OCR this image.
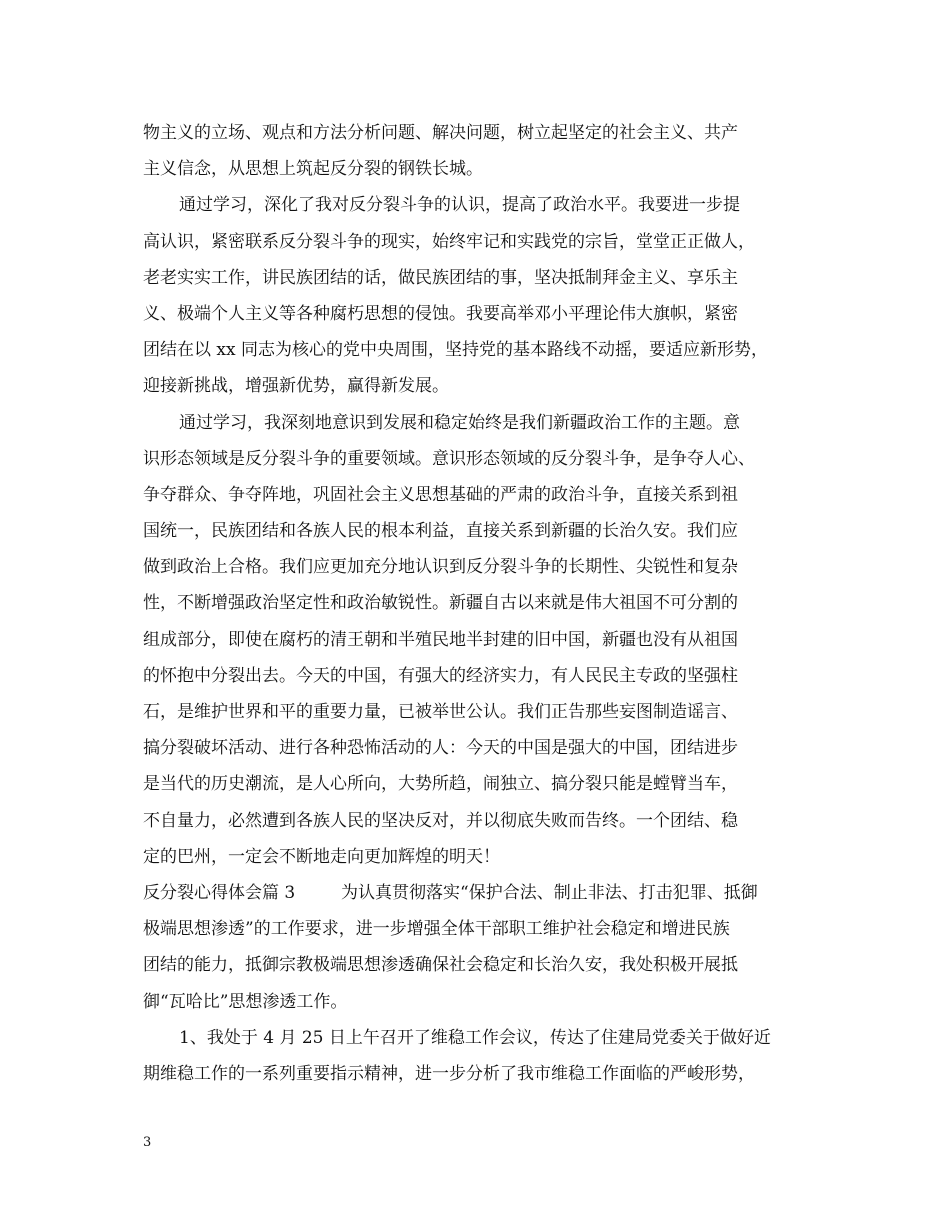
物主义的立场、观点和方法分析问题、解决问题，树立起坚定的社会主义、共产
主义信念，从思想上筑起反分裂的钢铁长城。
通过学习，深化了我对反分裂斗争的认识，提高了政治水平。我要进一步提
高认识，紧密联系反分裂斗争的现实，始终牢记和实践党的宗旨，堂堂正正做人，
老老实实工作，讲民族团结的话，做民族团结的事，坚决抵制拜金主义、享乐主
义、极端个人主义等各种腐朽思想的侵蚀。我要高举邓小平理论伟大旗帜，紧密
团结在以 xx 同志为核心的党中央周围，坚持党的基本路线不动摇，要适应新形势，
迎接新挑战，增强新优势，赢得新发展。
通过学习，我深刻地意识到发展和稳定始终是我们新疆政治工作的主题。意
识形态领域是反分裂斗争的重要领域。意识形态领域的反分裂斗争，是争夺人心、
争夺群众、争夺阵地，巩固社会主义思想基础的严肃的政治斗争，直接关系到祖
国统一，民族团结和各族人民的根本利益，直接关系到新疆的长治久安。我们应
做到政治上合格。我们应更加充分地认识到反分裂斗争的长期性、尖锐性和复杂
性，不断增强政治坚定性和政治敏锐性。新疆自古以来就是伟大祖国不可分割的
组成部分，即使在腐朽的清王朝和半殖民地半封建的旧中国，新疆也没有从祖国
的怀抱中分裂出去。今天的中国，有强大的经济实力，有人民民主专政的坚强柱
石，是维护世界和平的重要力量，已被举世公认。我们正告那些妄图制造谣言、
搞分裂破坏活动、进行各种恐怖活动的人：今天的中国是强大的中国，团结进步
是当代的历史潮流，是人心所向，大势所趋，闹独立、搞分裂只能是螳臂当车，
不自量力，必然遭到各族人民的坚决反对，并以彻底失败而告终。一个团结、稳
定的巴州，一定会不断地走向更加辉煌的明天！
反分裂心得体会篇 3	为认真贯彻落实“保护合法、制止非法、打击犯罪、抵御
极端思想渗透”的工作要求，进一步增强全体干部职工维护社会稳定和增进民族
团结的能力，抵御宗教极端思想渗透确保社会稳定和长治久安，我处积极开展抵
御“瓦哈比”思想渗透工作。
1、我处于 4 月 25 日上午召开了维稳工作会议，传达了住建局党委关于做好近
期维稳工作的一系列重要指示精神，进一步分析了我市维稳工作面临的严峻形势，
3
